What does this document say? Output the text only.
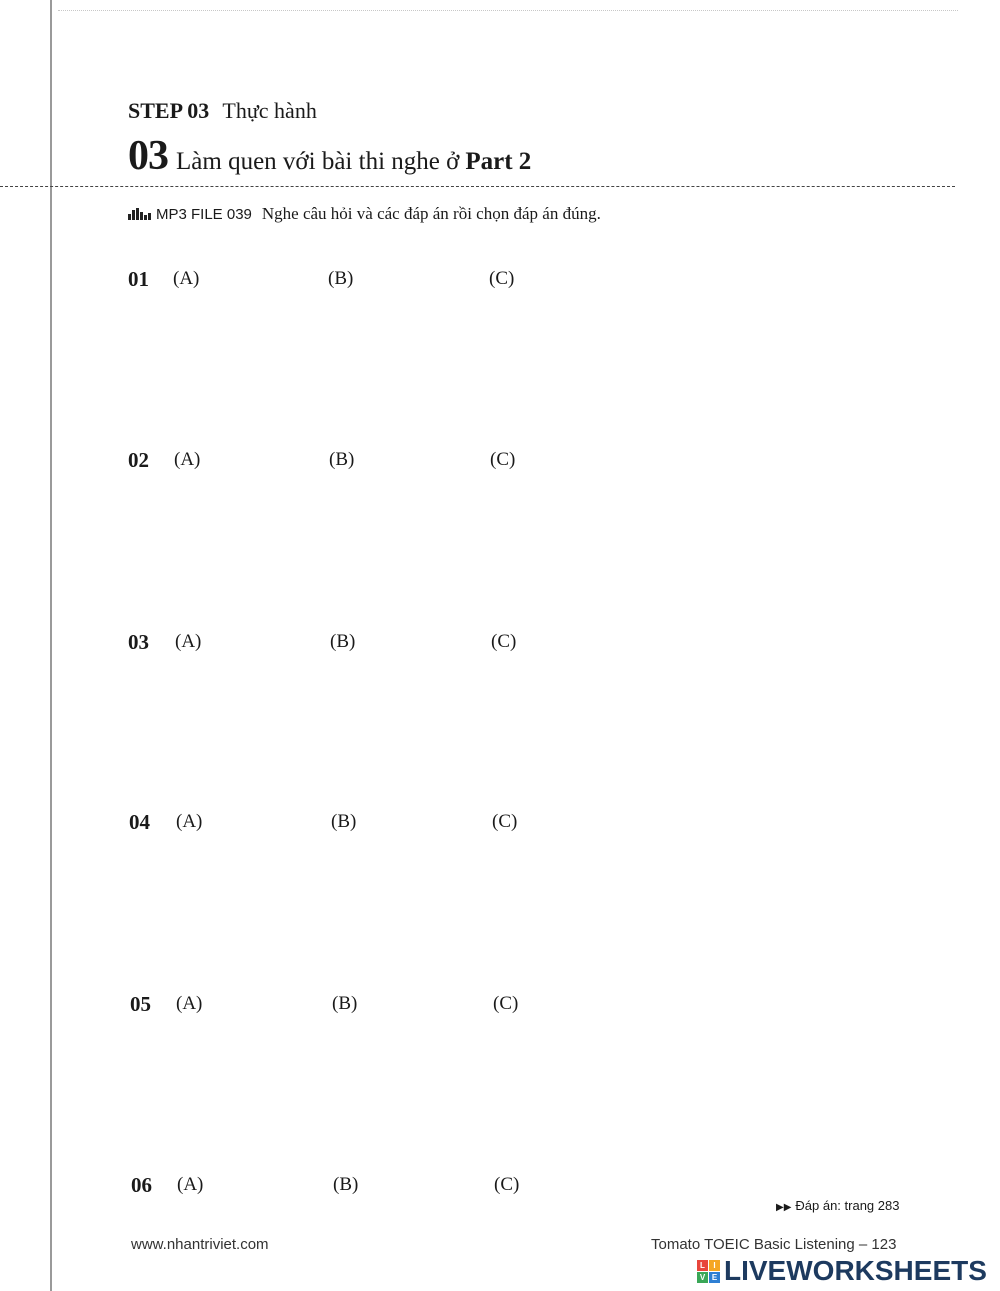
STEP 03 Thực hành
03 Làm quen với bài thi nghe ở Part 2
MP3 FILE 039 Nghe câu hỏi và các đáp án rồi chọn đáp án đúng.
01 (A)	(B)	(C)
02 (A)	(B)	(C)
03 (A)	(B)	(C)
04 (A)	(B)	(C)
05 (A)	(B)	(C)
06 (A)	(B)	(C)
▶▶ Đáp án: trang 283
www.nhantriviet.com	Tomato TOEIC Basic Listening – 123
L	I
V E LIVEWORKSHEETS
